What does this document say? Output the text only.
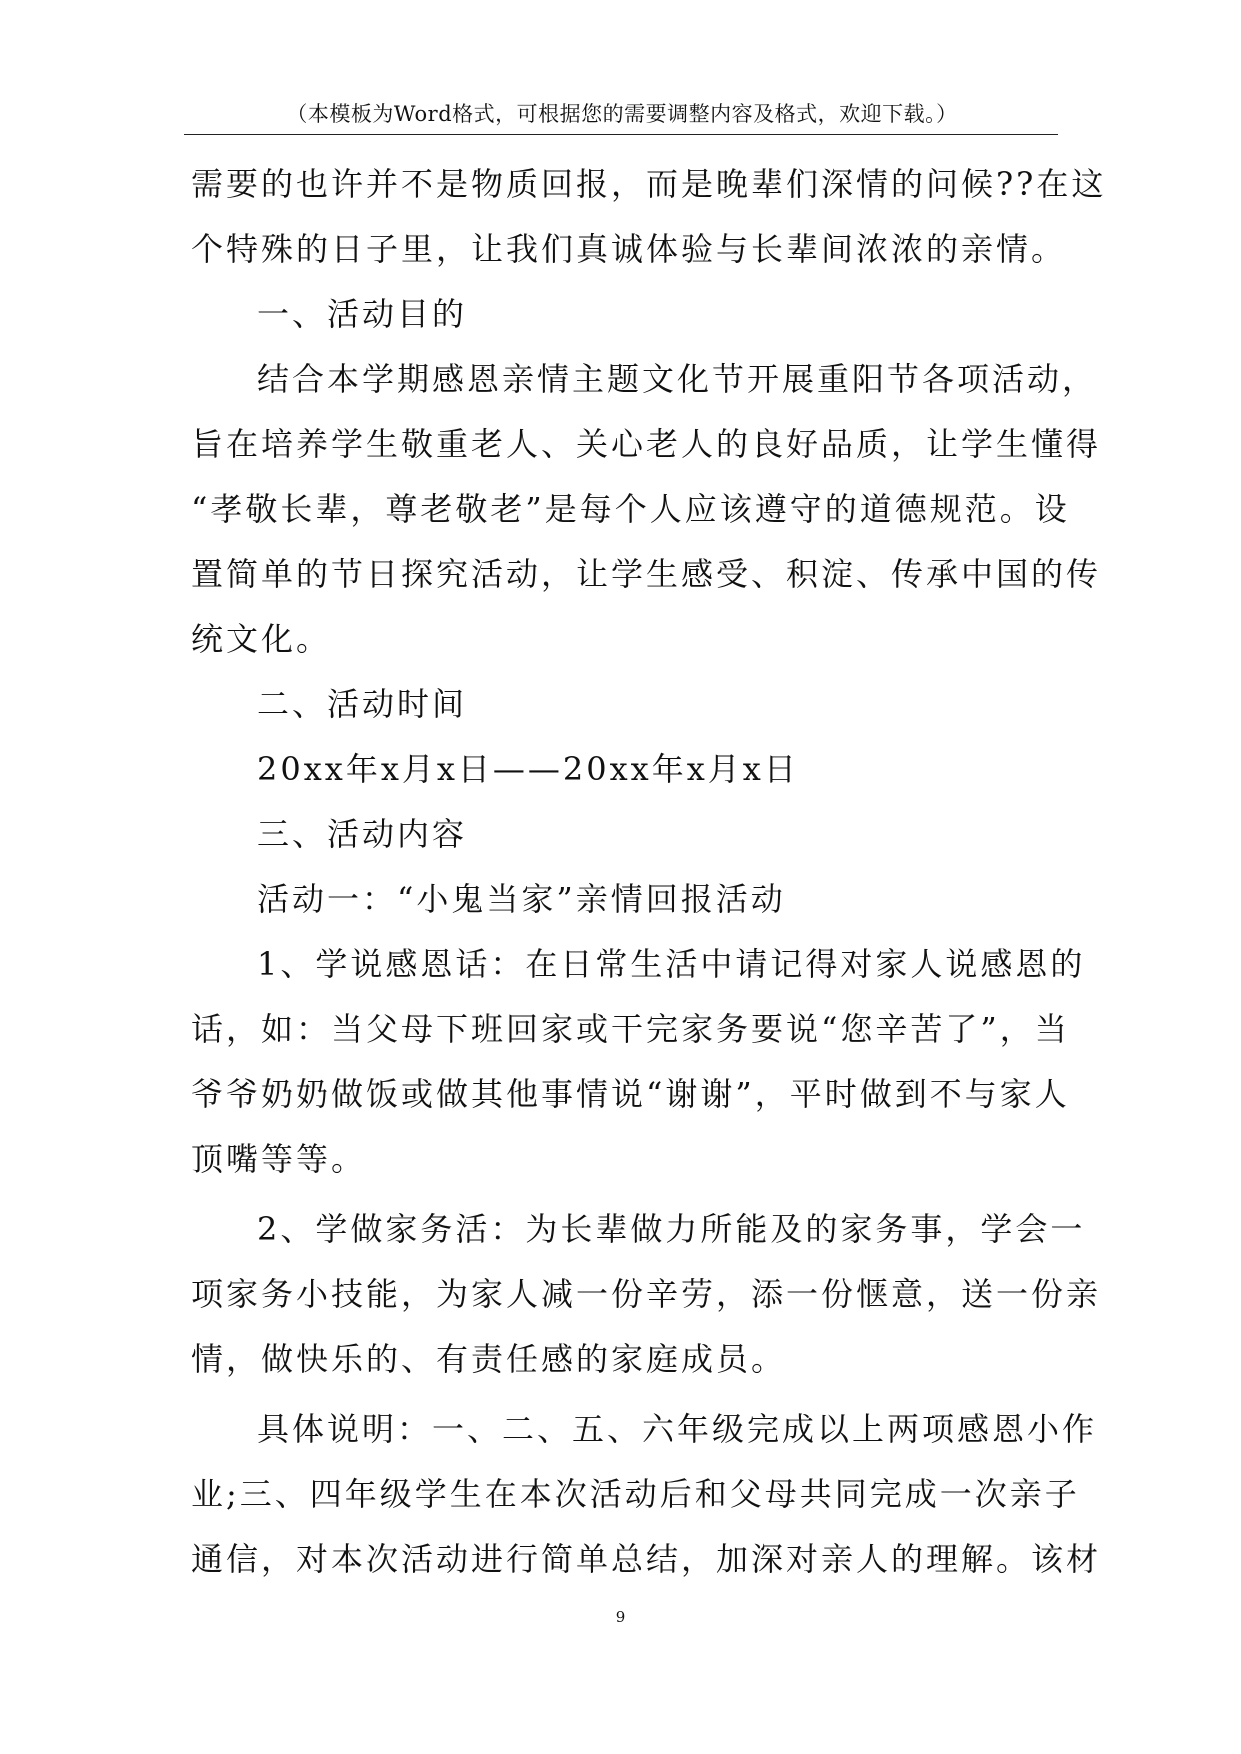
（本模板为Word格式，可根据您的需要调整内容及格式，欢迎下载。）
需要的也许并不是物质回报，而是晚辈们深情的问候??在这
个特殊的日子里，让我们真诚体验与长辈间浓浓的亲情。
一、活动目的
结合本学期感恩亲情主题文化节开展重阳节各项活动，
旨在培养学生敬重老人、关心老人的良好品质，让学生懂得
“孝敬长辈，尊老敬老”是每个人应该遵守的道德规范。设
置简单的节日探究活动，让学生感受、积淀、传承中国的传
统文化。
二、活动时间
20xx年x月x日——20xx年x月x日
三、活动内容
活动一：“小鬼当家”亲情回报活动
1、学说感恩话：在日常生活中请记得对家人说感恩的
话，如：当父母下班回家或干完家务要说“您辛苦了”，当
爷爷奶奶做饭或做其他事情说“谢谢”，平时做到不与家人
顶嘴等等。
2、学做家务活：为长辈做力所能及的家务事，学会一
项家务小技能，为家人减一份辛劳，添一份惬意，送一份亲
情，做快乐的、有责任感的家庭成员。
具体说明：一、二、五、六年级完成以上两项感恩小作
业;三、四年级学生在本次活动后和父母共同完成一次亲子
通信，对本次活动进行简单总结，加深对亲人的理解。该材
9
